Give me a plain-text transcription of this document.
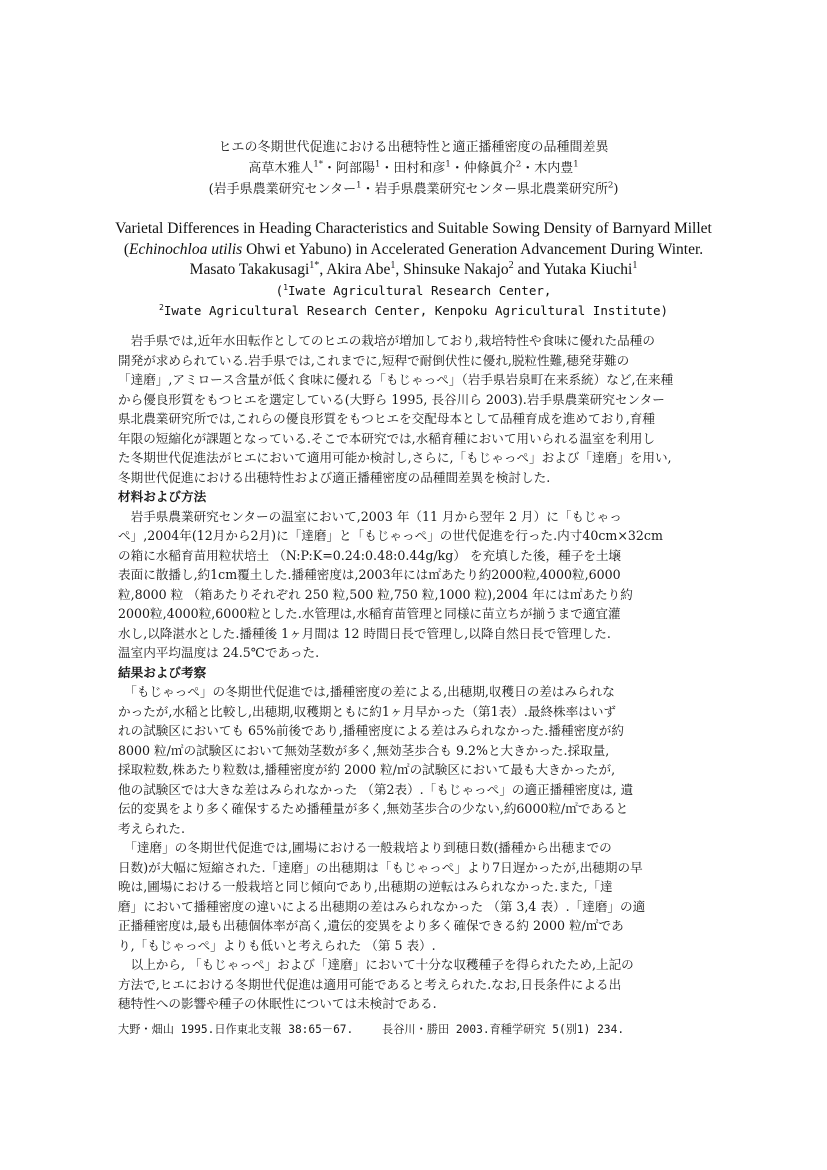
ヒエの冬期世代促進における出穂特性と適正播種密度の品種間差異
高草木雅人$^{1*}$・阿部陽$^1$・田村和彦$^1$・仲條眞介$^2$・木内豊$^1$
(岩手県農業研究センター$^1$・岩手県農業研究センター県北農業研究所$^2$)
Varietal Differences in Heading Characteristics and Suitable Sowing Density of Barnyard Millet
(Echinochloa utilis Ohwi et Yabuno) in Accelerated Generation Advancement During Winter.
Masato Takakusagi$^{1*}$, Akira Abe$^1$, Shinsuke Nakajo$^2$ and Yutaka Kiuchi$^1$
($^1$Iwate Agricultural Research Center,
$^2$Iwate Agricultural Research Center, Kenpoku Agricultural Institute)
　岩手県では,近年水田転作としてのヒエの栽培が増加しており,栽培特性や食味に優れた品種の
開発が求められている.岩手県では,これまでに,短稈で耐倒伏性に優れ,脱粒性難,穂発芽難の
「達磨」,アミロース含量が低く食味に優れる「もじゃっぺ」（岩手県岩泉町在来系統）など,在来種
から優良形質をもつヒエを選定している(大野ら 1995, 長谷川ら 2003).岩手県農業研究センター
県北農業研究所では,これらの優良形質をもつヒエを交配母本として品種育成を進めており,育種
年限の短縮化が課題となっている.そこで本研究では,水稲育種において用いられる温室を利用し
た冬期世代促進法がヒエにおいて適用可能か検討し,さらに,「もじゃっぺ」および「達磨」を用い,
冬期世代促進における出穂特性および適正播種密度の品種間差異を検討した.
材料および方法
　岩手県農業研究センターの温室において,2003 年（11 月から翌年 2 月）に「もじゃっ
ぺ」,2004年(12月から2月)に「達磨」と「もじゃっぺ」の世代促進を行った.内寸40cm×32cm
の箱に水稲育苗用粒状培土 （N:P:K=0.24:0.48:0.44g/kg） を充填した後，種子を土壌
表面に散播し,約1cm覆土した.播種密度は,2003年には㎡あたり約2000粒,4000粒,6000
粒,8000 粒 （箱あたりそれぞれ 250 粒,500 粒,750 粒,1000 粒),2004 年には㎡あたり約
2000粒,4000粒,6000粒とした.水管理は,水稲育苗管理と同様に苗立ちが揃うまで適宜灌
水し,以降湛水とした.播種後 1ヶ月間は 12 時間日長で管理し,以降自然日長で管理した.
温室内平均温度は 24.5℃であった.
結果および考察
　「もじゃっぺ」の冬期世代促進では,播種密度の差による,出穂期,収穫日の差はみられな
かったが,水稲と比較し,出穂期,収穫期ともに約1ヶ月早かった（第1表）.最終株率はいず
れの試験区においても 65%前後であり,播種密度による差はみられなかった.播種密度が約
8000 粒/㎡の試験区において無効茎数が多く,無効茎歩合も 9.2%と大きかった.採取量,
採取粒数,株あたり粒数は,播種密度が約 2000 粒/㎡の試験区において最も大きかったが,
他の試験区では大きな差はみられなかった （第2表）.「もじゃっぺ」の適正播種密度は, 遺
伝的変異をより多く確保するため播種量が多く,無効茎歩合の少ない,約6000粒/㎡であると
考えられた.
　「達磨」の冬期世代促進では,圃場における一般栽培より到穂日数(播種から出穂までの
日数)が大幅に短縮された.「達磨」の出穂期は「もじゃっぺ」より7日遅かったが,出穂期の早
晩は,圃場における一般栽培と同じ傾向であり,出穂期の逆転はみられなかった.また,「達
磨」において播種密度の違いによる出穂期の差はみられなかった （第 3,4 表）.「達磨」の適
正播種密度は,最も出穂個体率が高く,遺伝的変異をより多く確保できる約 2000 粒/㎡であ
り,「もじゃっぺ」よりも低いと考えられた （第 5 表）.
　以上から, 「もじゃっぺ」および「達磨」において十分な収穫種子を得られたため,上記の
方法で,ヒエにおける冬期世代促進は適用可能であると考えられた.なお,日長条件による出
穂特性への影響や種子の休眠性については未検討である.
大野・畑山 1995.日作東北支報 38:65－67.	長谷川・勝田 2003.育種学研究 5(別1) 234.
